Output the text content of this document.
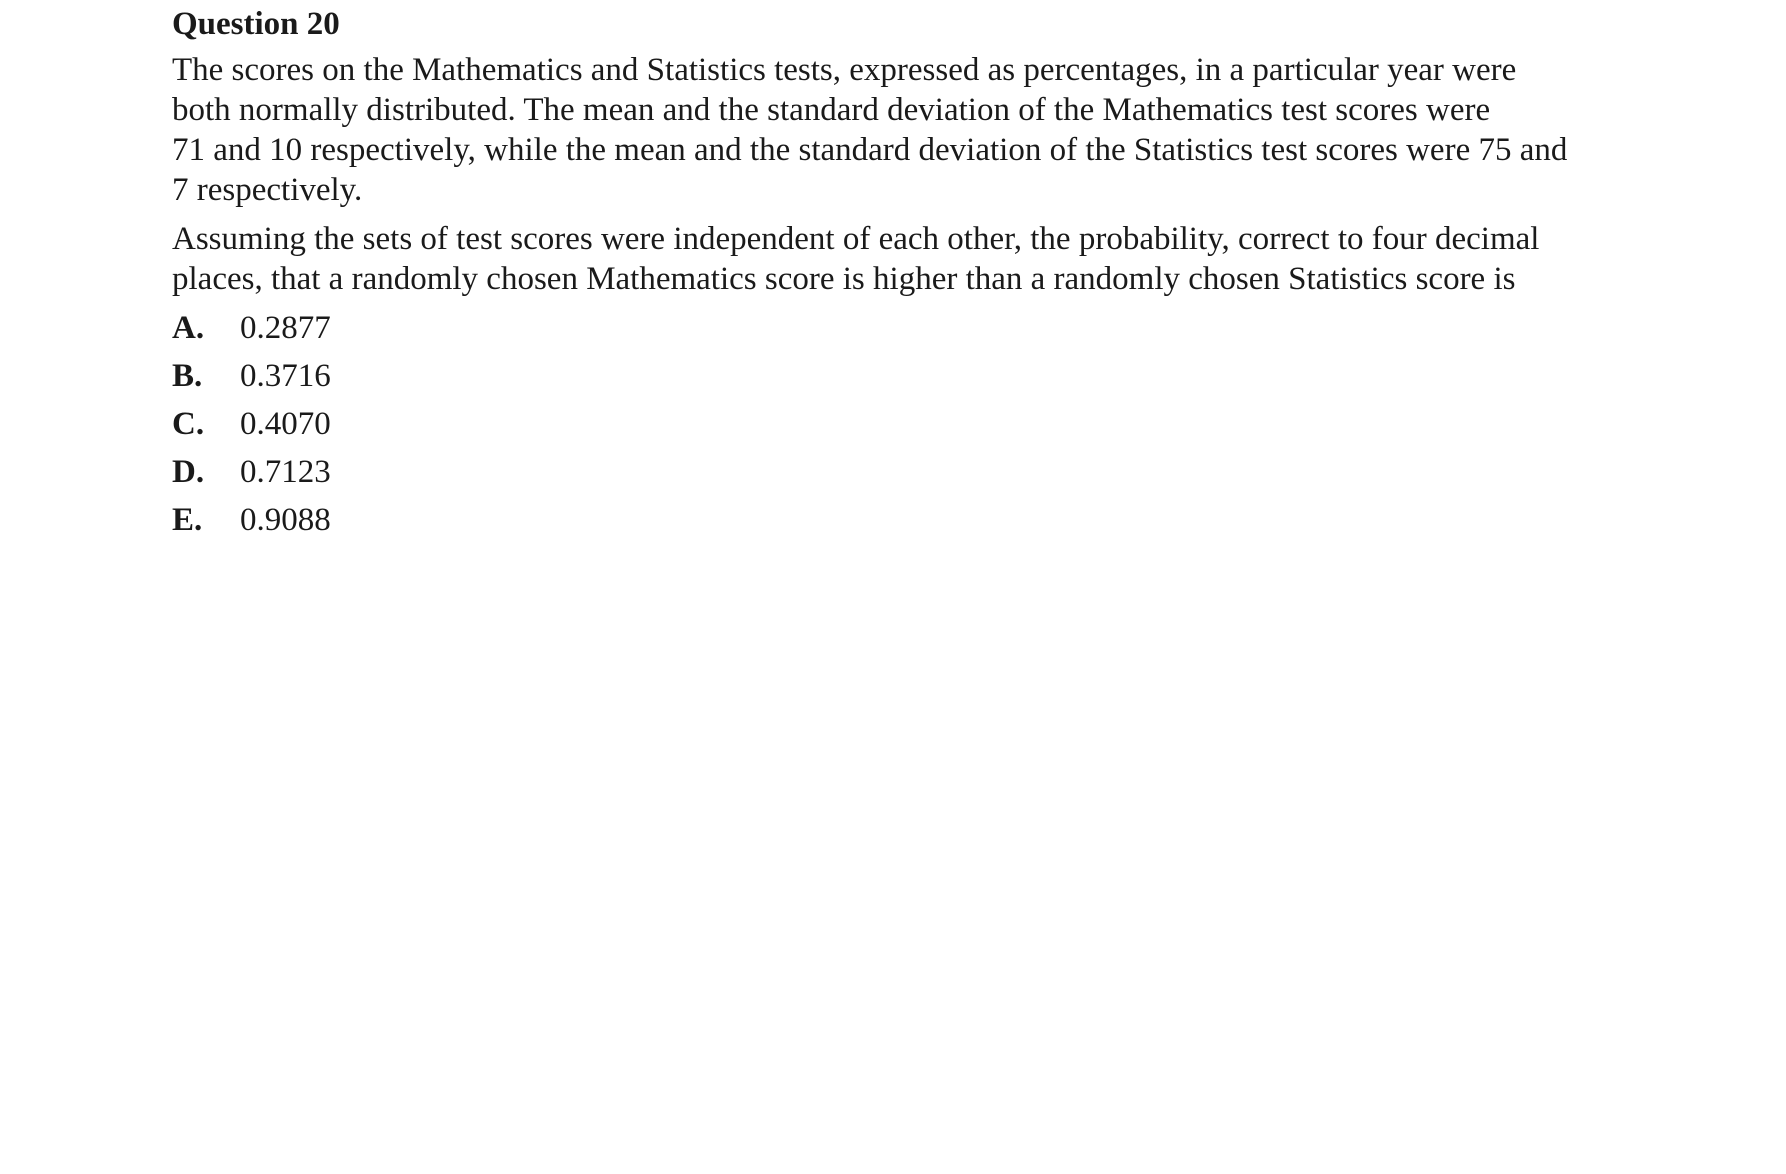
Question 20

The scores on the Mathematics and Statistics tests, expressed as percentages, in a particular year were
both normally distributed. The mean and the standard deviation of the Mathematics test scores were
71 and 10 respectively, while the mean and the standard deviation of the Statistics test scores were 75 and
7 respectively.

Assuming the sets of test scores were independent of each other, the probability, correct to four decimal
places, that a randomly chosen Mathematics score is higher than a randomly chosen Statistics score is

A.	0.2877
B.	0.3716
C.	0.4070
D.	0.7123
E.	0.9088
